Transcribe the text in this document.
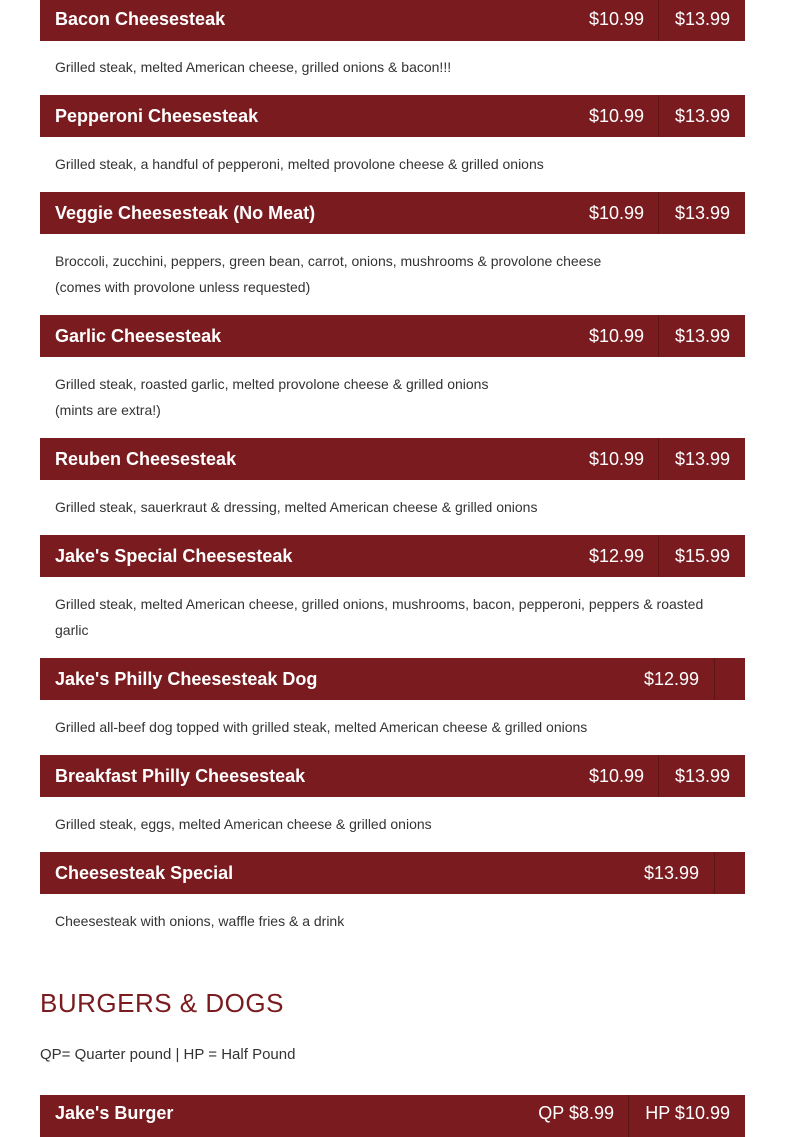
Bacon Cheesesteak	$10.99 $13.99
Grilled steak, melted American cheese, grilled onions & bacon!!!
Pepperoni Cheesesteak	$10.99 $13.99
Grilled steak, a handful of pepperoni, melted provolone cheese & grilled onions
Veggie Cheesesteak (No Meat)	$10.99 $13.99
Broccoli, zucchini, peppers, green bean, carrot, onions, mushrooms & provolone cheese
(comes with provolone unless requested)
Garlic Cheesesteak	$10.99 $13.99
Grilled steak, roasted garlic, melted provolone cheese & grilled onions
(mints are extra!)
Reuben Cheesesteak	$10.99 $13.99
Grilled steak, sauerkraut & dressing, melted American cheese & grilled onions
Jake's Special Cheesesteak	$12.99 $15.99
Grilled steak, melted American cheese, grilled onions, mushrooms, bacon, pepperoni, peppers & roasted garlic
Jake's Philly Cheesesteak Dog	$12.99
Grilled all-beef dog topped with grilled steak, melted American cheese & grilled onions
Breakfast Philly Cheesesteak	$10.99 $13.99
Grilled steak, eggs, melted American cheese & grilled onions
Cheesesteak Special	$13.99
Cheesesteak with onions, waffle fries & a drink
BURGERS & DOGS
QP= Quarter pound | HP = Half Pound
Jake's Burger	QP $8.99 HP $10.99
